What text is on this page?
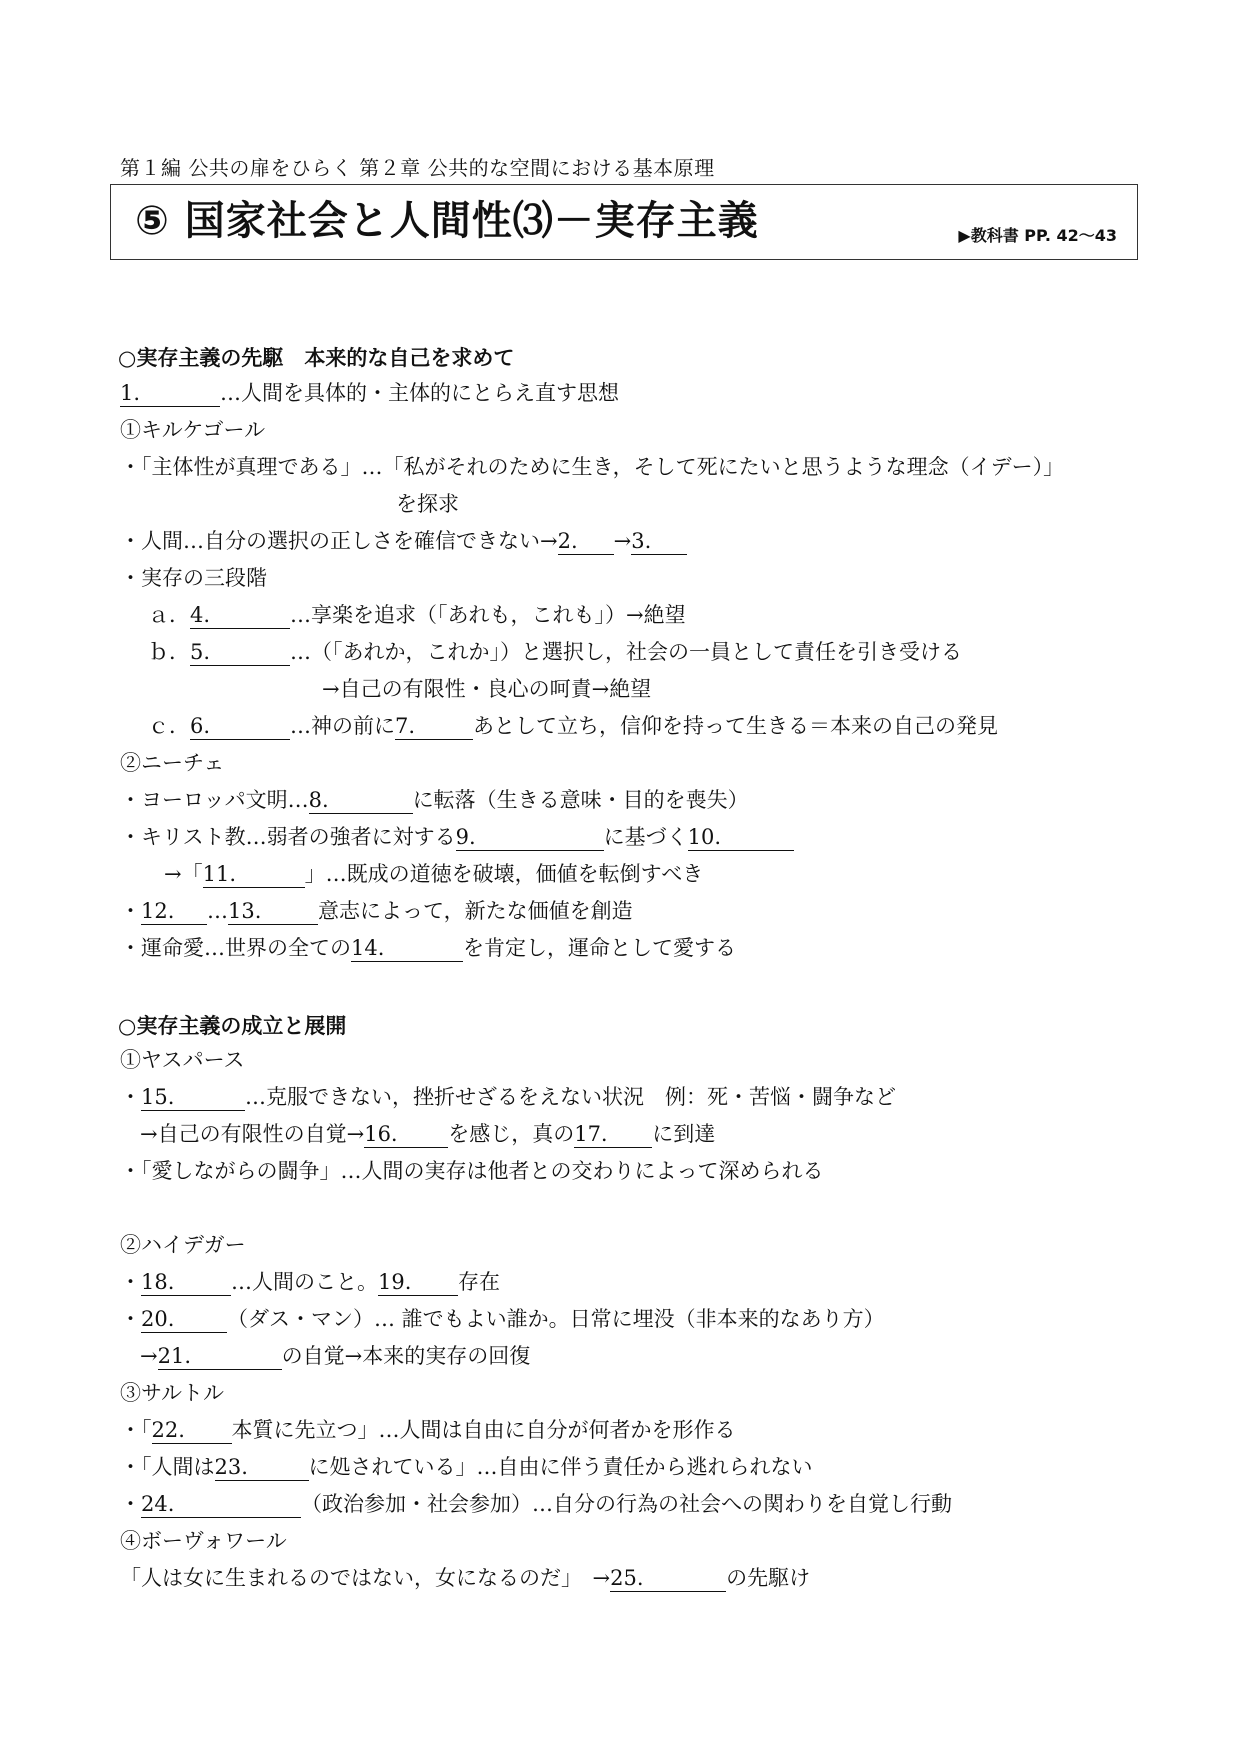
第１編 公共の扉をひらく 第２章 公共的な空間における基本原理
⑤ 国家社会と人間性⑶－実存主義	▶教科書 PP. 42〜43
○実存主義の先駆　本来的な自己を求めて
1.	…人間を具体的・主体的にとらえ直す思想
①キルケゴール
・「主体性が真理である」…「私がそれのために生き，そして死にたいと思うような理念（イデー）」
を探求
・人間…自分の選択の正しさを確信できない→2. →3.
・実存の三段階
ａ．4.	…享楽を追求（「あれも，これも」）→絶望
ｂ．5.	…（「あれか，これか」）と選択し，社会の一員として責任を引き受ける
→自己の有限性・良心の呵責→絶望
ｃ．6.	…神の前に7.	あとして立ち，信仰を持って生きる＝本来の自己の発見
②ニーチェ
・ヨーロッパ文明…8.	に転落（生きる意味・目的を喪失）
・キリスト教…弱者の強者に対する9.	に基づく10.
→「11.	」…既成の道徳を破壊，価値を転倒すべき
・12. …13.	意志によって，新たな価値を創造
・運命愛…世界の全ての14.	を肯定し，運命として愛する
○実存主義の成立と展開
①ヤスパース
・15.	…克服できない，挫折せざるをえない状況　例：死・苦悩・闘争など
→自己の有限性の自覚→16. を感じ，真の17. に到達
・「愛しながらの闘争」…人間の実存は他者との交わりによって深められる
②ハイデガー
・18.	…人間のこと。19. 存在
・20.	（ダス・マン）… 誰でもよい誰か。日常に埋没（非本来的なあり方）
→21.	の自覚→本来的実存の回復
③サルトル
・「22. 本質に先立つ」…人間は自由に自分が何者かを形作る
・「人間は23.	に処されている」…自由に伴う責任から逃れられない
・24.	（政治参加・社会参加）…自分の行為の社会への関わりを自覚し行動
④ボーヴォワール
「人は女に生まれるのではない，女になるのだ」　→25.	の先駆け
